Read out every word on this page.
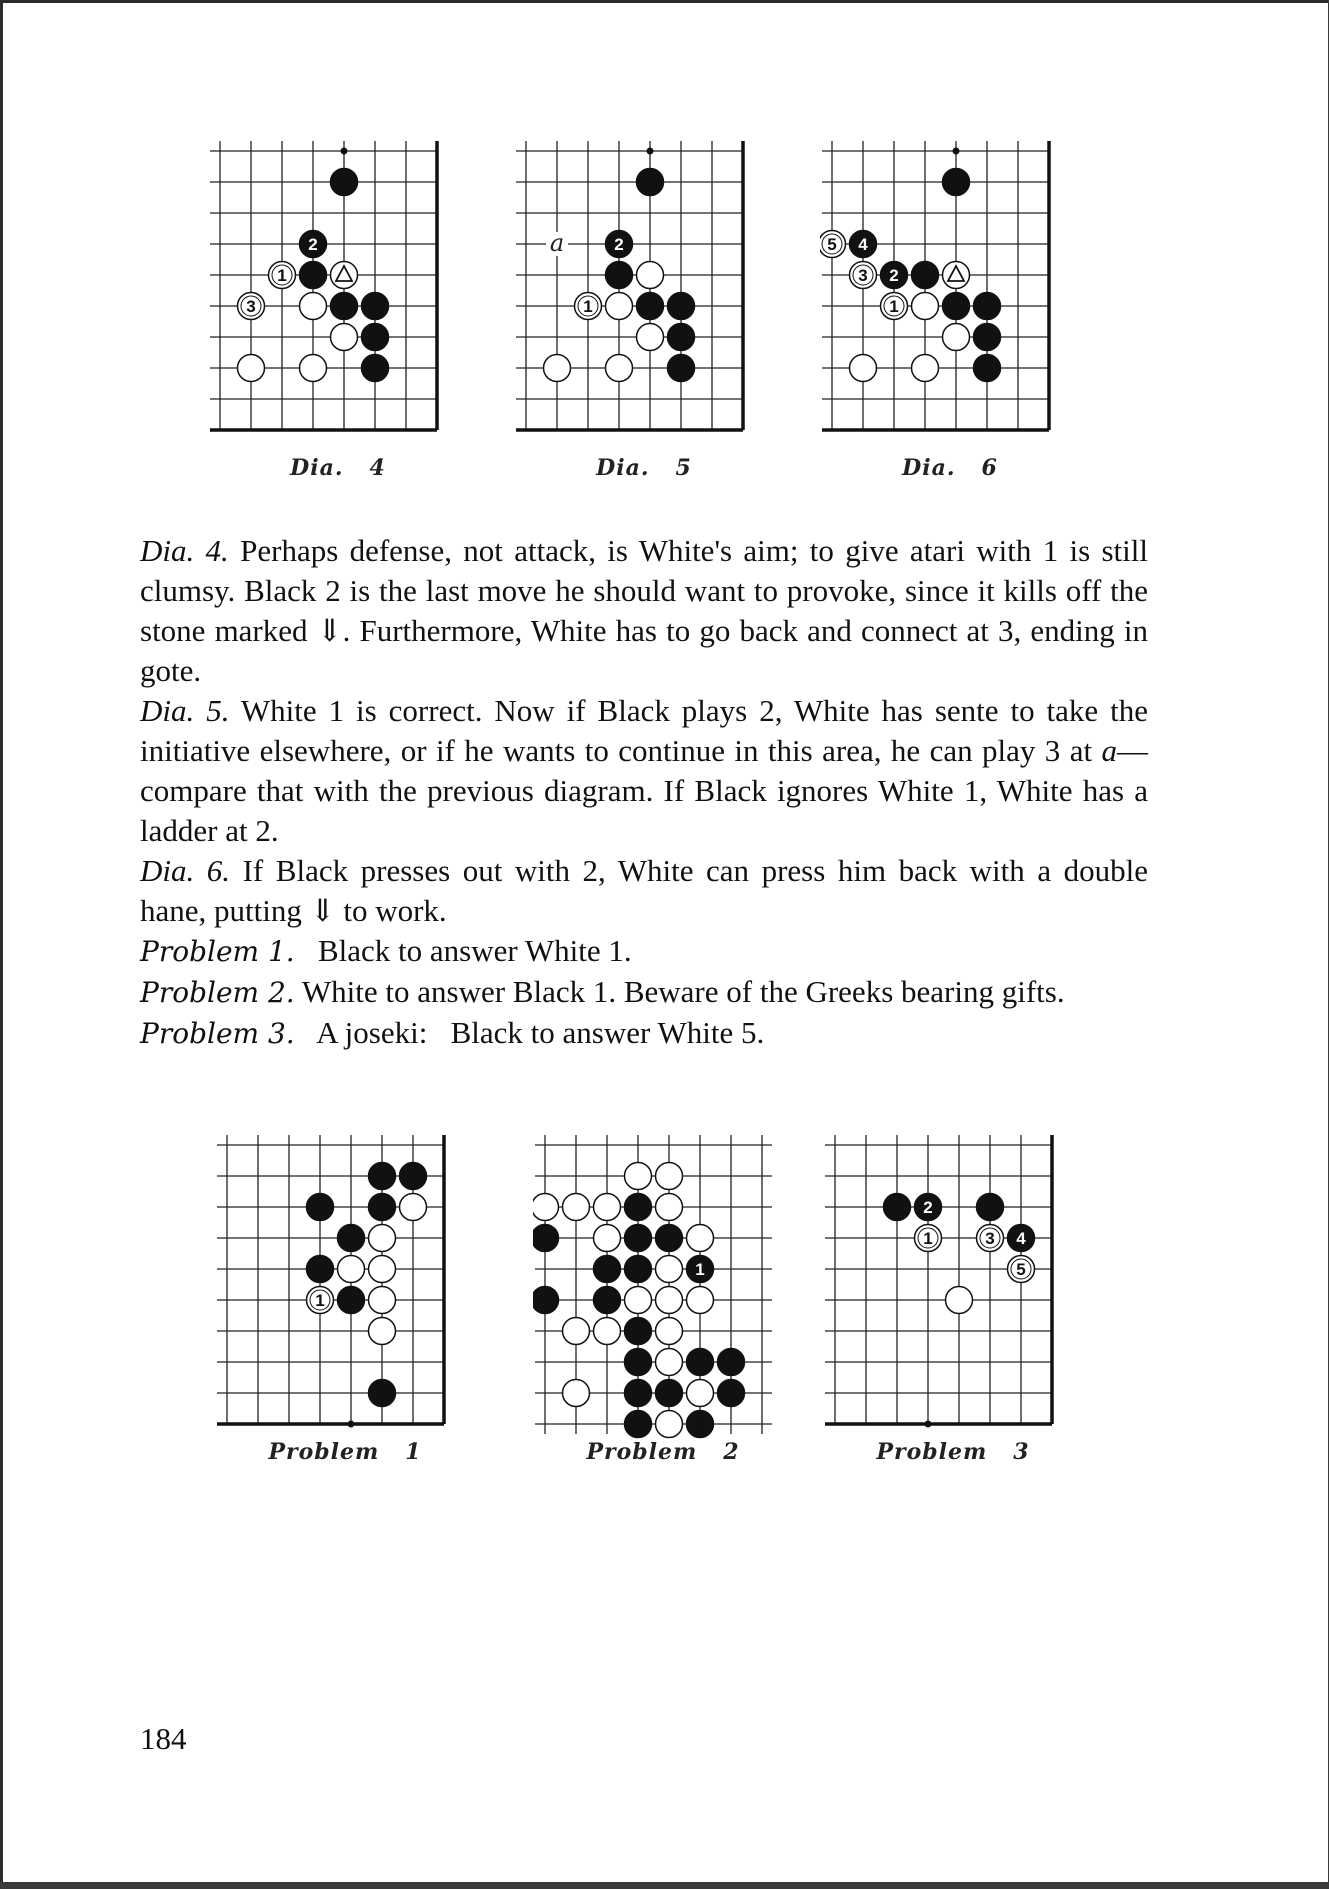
2
1
3
Dia.   4
a	2
1
Dia.   5
5 4
3 2
1
Dia.   6

Dia. 4. Perhaps defense, not attack, is White's aim; to give atari with 1 is still clumsy. Black 2 is the last move he should want to provoke, since it kills off the stone marked ⇓. Furthermore, White has to go back and connect at 3, ending in gote.

Dia. 5. White 1 is correct. Now if Black plays 2, White has sente to take the initiative elsewhere, or if he wants to continue in this area, he can play 3 at a—compare that with the previous diagram. If Black ignores White 1, White has a ladder at 2.

Dia. 6. If Black presses out with 2, White can press him back with a double hane, putting ⇓ to work.

Problem 1.   Black to answer White 1.

Problem 2. White to answer Black 1. Beware of the Greeks bearing gifts.

Problem 3.   A joseki:   Black to answer White 5.

1
Problem   1
1
Problem   2
2
1	3 4
5
Problem   3
184
